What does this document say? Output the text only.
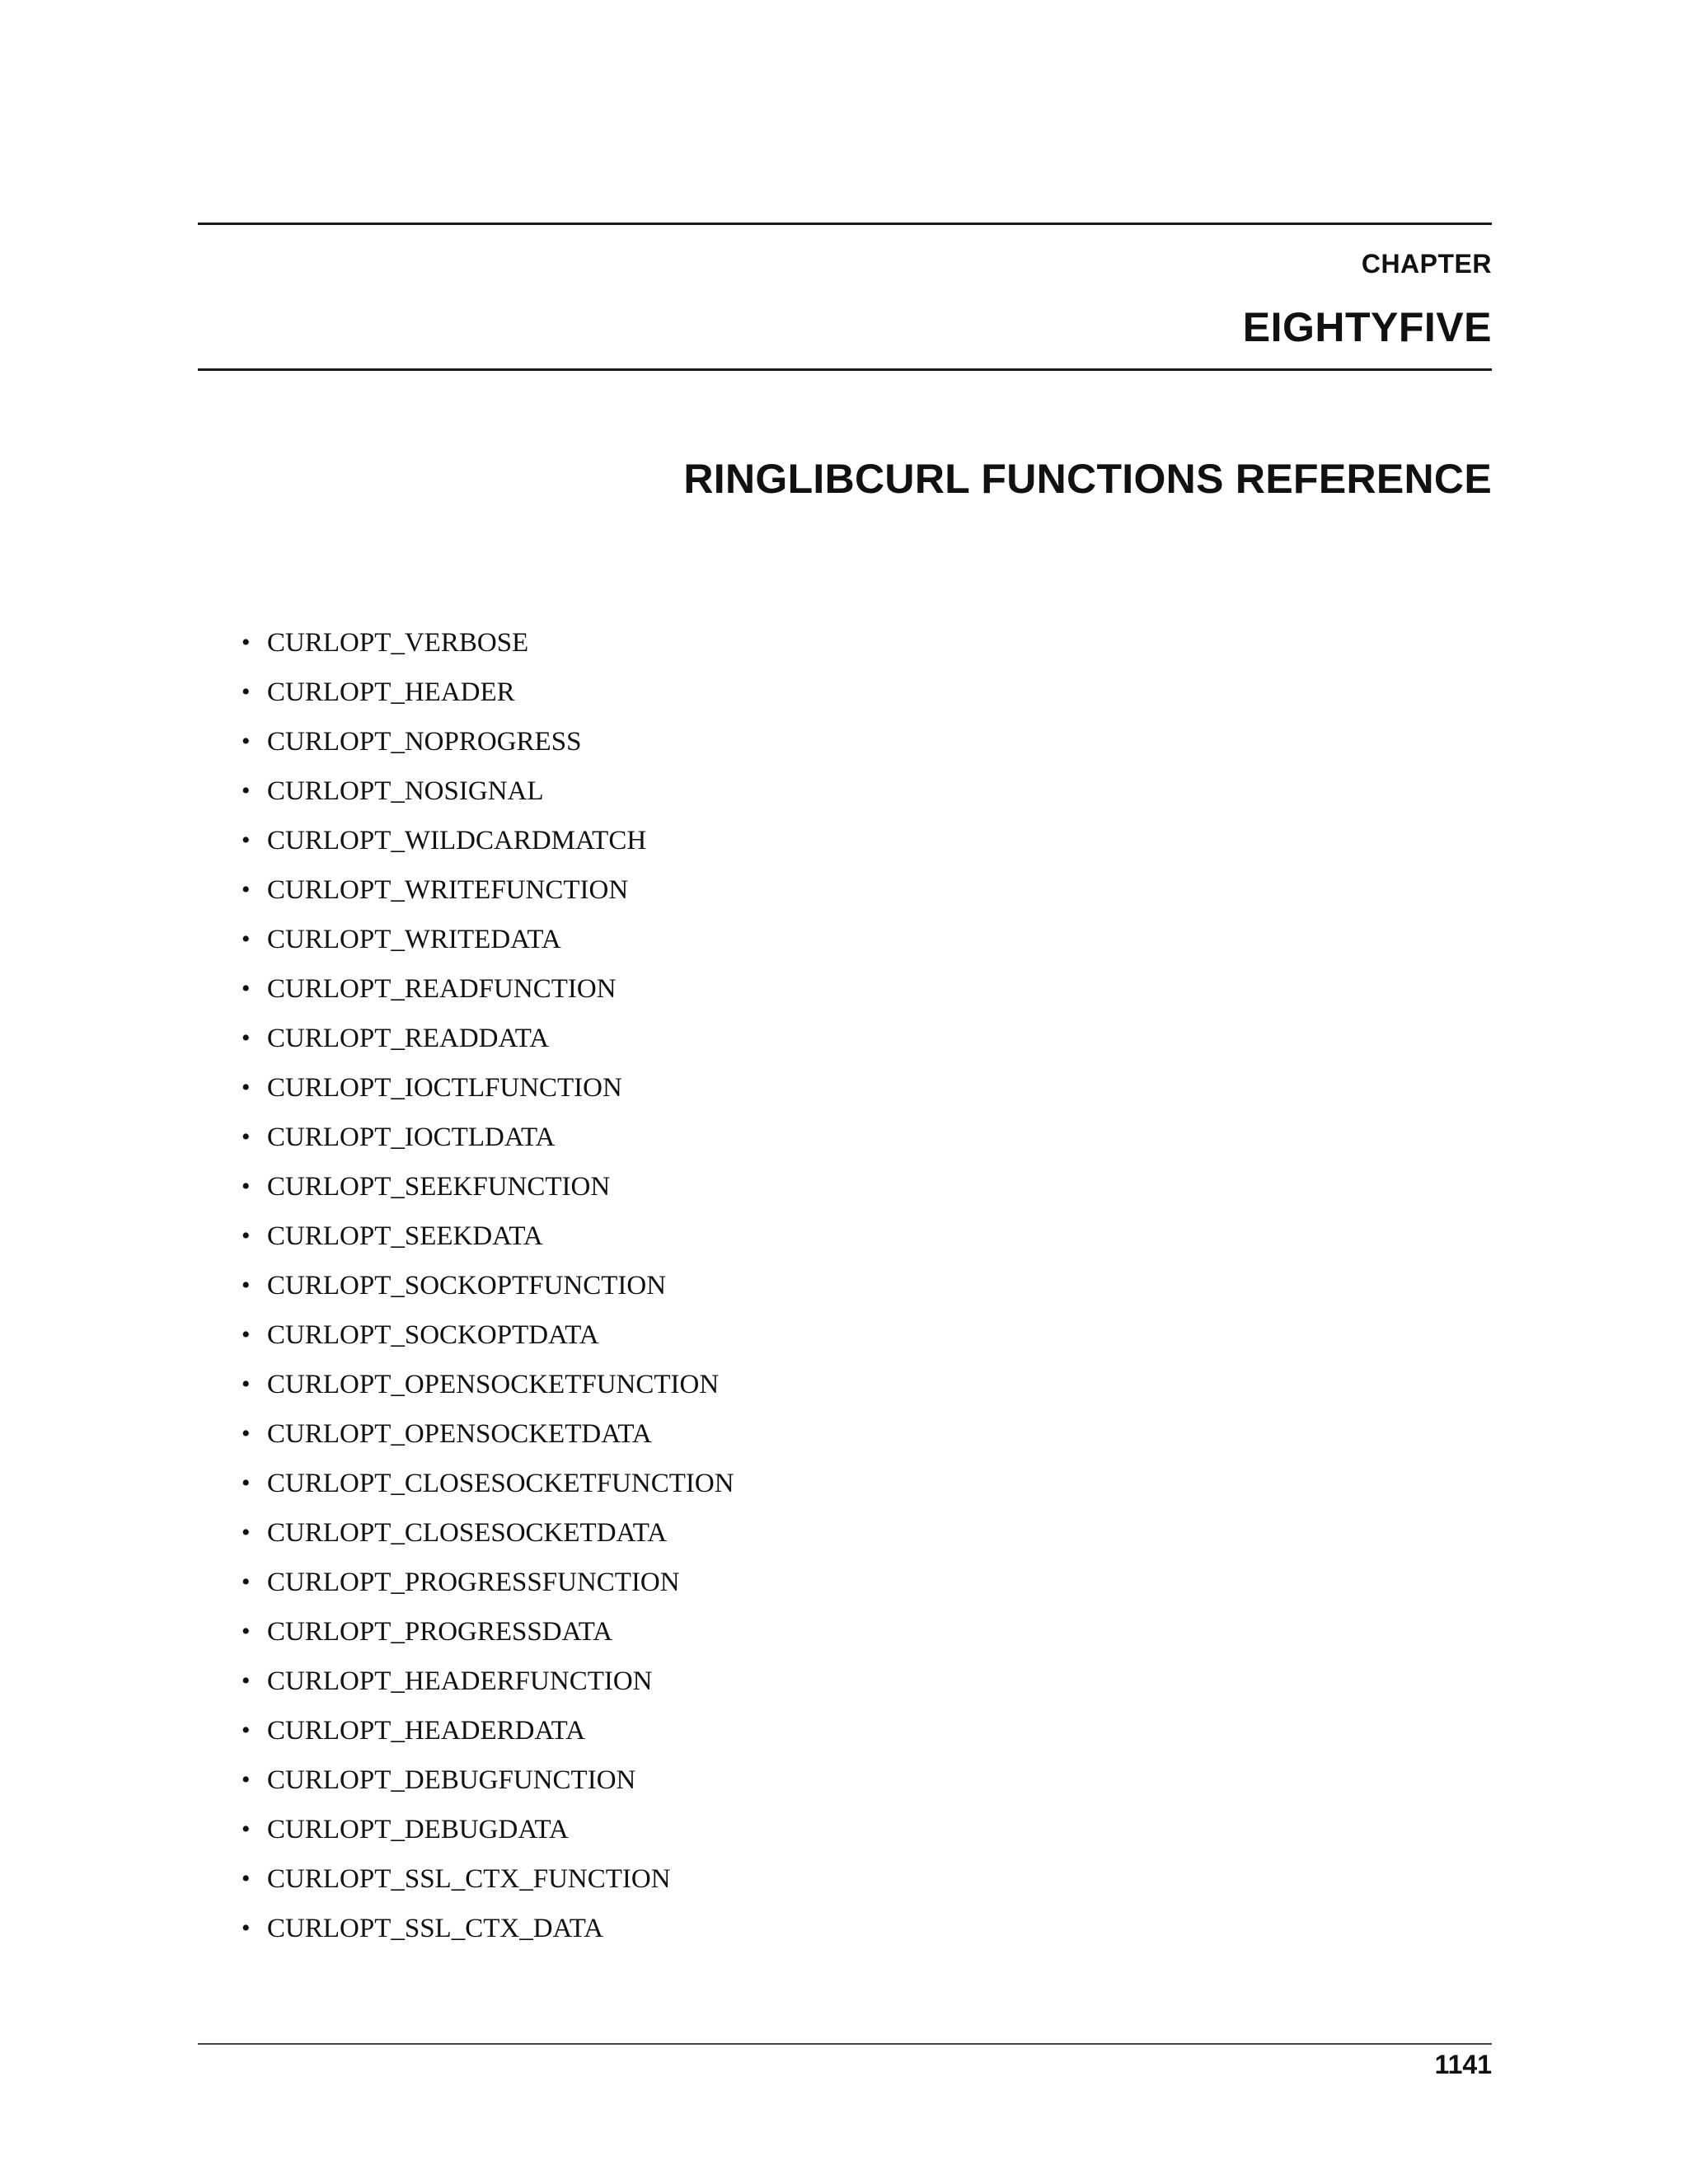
CHAPTER
EIGHTYFIVE
RINGLIBCURL FUNCTIONS REFERENCE
• CURLOPT_VERBOSE
• CURLOPT_HEADER
• CURLOPT_NOPROGRESS
• CURLOPT_NOSIGNAL
• CURLOPT_WILDCARDMATCH
• CURLOPT_WRITEFUNCTION
• CURLOPT_WRITEDATA
• CURLOPT_READFUNCTION
• CURLOPT_READDATA
• CURLOPT_IOCTLFUNCTION
• CURLOPT_IOCTLDATA
• CURLOPT_SEEKFUNCTION
• CURLOPT_SEEKDATA
• CURLOPT_SOCKOPTFUNCTION
• CURLOPT_SOCKOPTDATA
• CURLOPT_OPENSOCKETFUNCTION
• CURLOPT_OPENSOCKETDATA
• CURLOPT_CLOSESOCKETFUNCTION
• CURLOPT_CLOSESOCKETDATA
• CURLOPT_PROGRESSFUNCTION
• CURLOPT_PROGRESSDATA
• CURLOPT_HEADERFUNCTION
• CURLOPT_HEADERDATA
• CURLOPT_DEBUGFUNCTION
• CURLOPT_DEBUGDATA
• CURLOPT_SSL_CTX_FUNCTION
• CURLOPT_SSL_CTX_DATA
1141
